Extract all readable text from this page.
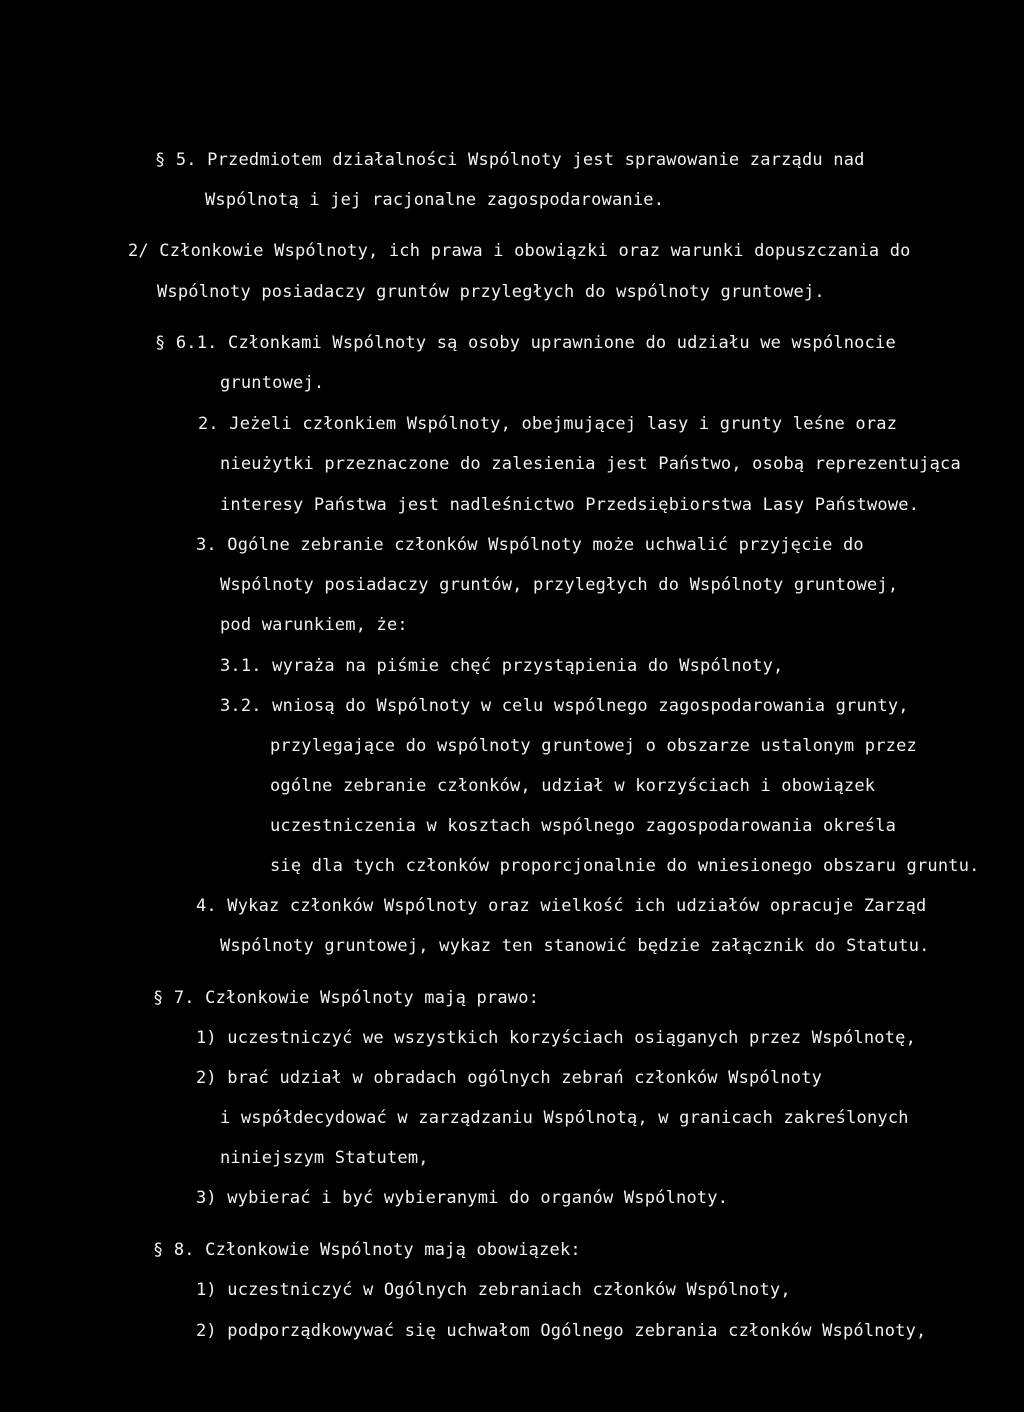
§ 5. Przedmiotem działalności Wspólnoty jest sprawowanie zarządu nad
Wspólnotą i jej racjonalne zagospodarowanie.
2/ Członkowie Wspólnoty, ich prawa i obowiązki oraz warunki dopuszczania do
Wspólnoty posiadaczy gruntów przyległych do wspólnoty gruntowej.
§ 6.1. Członkami Wspólnoty są osoby uprawnione do udziału we wspólnocie
gruntowej.
2. Jeżeli członkiem Wspólnoty, obejmującej lasy i grunty leśne oraz
nieużytki przeznaczone do zalesienia jest Państwo, osobą reprezentująca
interesy Państwa jest nadleśnictwo Przedsiębiorstwa Lasy Państwowe.
3. Ogólne zebranie członków Wspólnoty może uchwalić przyjęcie do
Wspólnoty posiadaczy gruntów, przyległych do Wspólnoty gruntowej,
pod warunkiem, że:
3.1. wyraża na piśmie chęć przystąpienia do Wspólnoty,
3.2. wniosą do Wspólnoty w celu wspólnego zagospodarowania grunty,
przylegające do wspólnoty gruntowej o obszarze ustalonym przez
ogólne zebranie członków, udział w korzyściach i obowiązek
uczestniczenia w kosztach wspólnego zagospodarowania określa
się dla tych członków proporcjonalnie do wniesionego obszaru gruntu.
4. Wykaz członków Wspólnoty oraz wielkość ich udziałów opracuje Zarząd
Wspólnoty gruntowej, wykaz ten stanowić będzie załącznik do Statutu.
§ 7. Członkowie Wspólnoty mają prawo:
1) uczestniczyć we wszystkich korzyściach osiąganych przez Wspólnotę,
2) brać udział w obradach ogólnych zebrań członków Wspólnoty
i współdecydować w zarządzaniu Wspólnotą, w granicach zakreślonych
niniejszym Statutem,
3) wybierać i być wybieranymi do organów Wspólnoty.
§ 8. Członkowie Wspólnoty mają obowiązek:
1) uczestniczyć w Ogólnych zebraniach członków Wspólnoty,
2) podporządkowywać się uchwałom Ogólnego zebrania członków Wspólnoty,
